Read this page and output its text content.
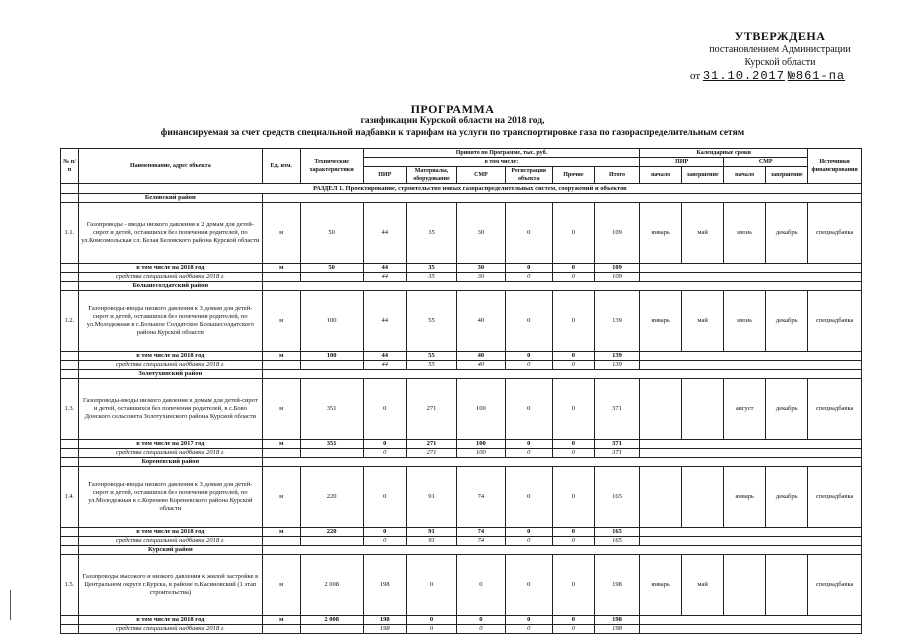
УТВЕРЖДЕНА
постановлением Администрации
Курской области
от 31.10.2017 №861-па
ПРОГРАММА
газификации Курской области на 2018 год,
финансируемая за счет средств специальной надбавки к тарифам на услуги по транспортировке газа по газораспределительным сетям
№ п/п	Наименование, адрес объекта	Ед. изм.	Технические характеристики	Принято по Программе, тыс. руб.						Календарные сроки				Источники финансирования
				в том числе:						ПИР		СМР		
				ПИР	Материалы, оборудование	СМР	Регистрация объекта	Прочие	Итого	начало	завершение	начало	завершение	
	РАЗДЕЛ 1. Проектирование, строительство новых газораспределительных систем, сооружений и объектов													
	Беловский район													
1.1.	Газопроводы - вводы низкого давления к 2 домам для детей-сирот и детей, оставшихся без попечения родителей, по ул.Комсомольская сл. Белая Беловского района Курской области	м	50	44	35	30	0	0	109	январь	май	июнь	декабрь	спецнадбавка
	в том числе на 2018 год	м	50	44	35	30	0	0	109					
	средства специальной надбавки 2018 г.			44	35	30	0	0	109					
	Большесолдатский район													
1.2.	Газопроводы-вводы низкого давления к 3 домам для детей-сирот и детей, оставшихся без попечения родителей, по ул.Молодежная в с.Большое Солдатское Большесолдатского района Курской области	м	100	44	55	40	0	0	139	январь	май	июнь	декабрь	спецнадбавка
	в том числе на 2018 год	м	100	44	55	40	0	0	139					
	средства специальной надбавки 2018 г.			44	55	40	0	0	139					
	Золотухинский район													
1.3.	Газопроводы-вводы низкого давления к домам для детей-сирот и детей, оставшихся без попечения родителей, в с.Бово Донского сельсовета Золотухинского района Курской области	м	351	0	271	100	0	0	371			август	декабрь	спецнадбавка
	в том числе на 2017 год	м	351	0	271	100	0	0	371					
	средства специальной надбавки 2018 г.			0	271	100	0	0	371					
	Кореневский район													
1.4.	Газопроводы-вводы низкого давления к 3 домам для детей-сирот и детей, оставшихся без попечения родителей, по ул.Молодежная в с.Коренево Кореневского района Курской области	м	220	0	91	74	0	0	165			январь	декабрь	спецнадбавка
	в том числе на 2018 год	м	220	0	91	74	0	0	165					
	средства специальной надбавки 2018 г.			0	91	74	0	0	165					
	Курский район													
1.5.	Газопроводы высокого и низкого давления к жилой застройке в Центральном округе г.Курска, в районе п.Касиновский (1 этап строительства)	м	2 008	198	0	0	0	0	198	январь	май			спецнадбавка
	в том числе на 2018 год	м	2 008	198	0	0	0	0	198					
	средства специальной надбавки 2018 г.			198	0	0	0	0	198					
